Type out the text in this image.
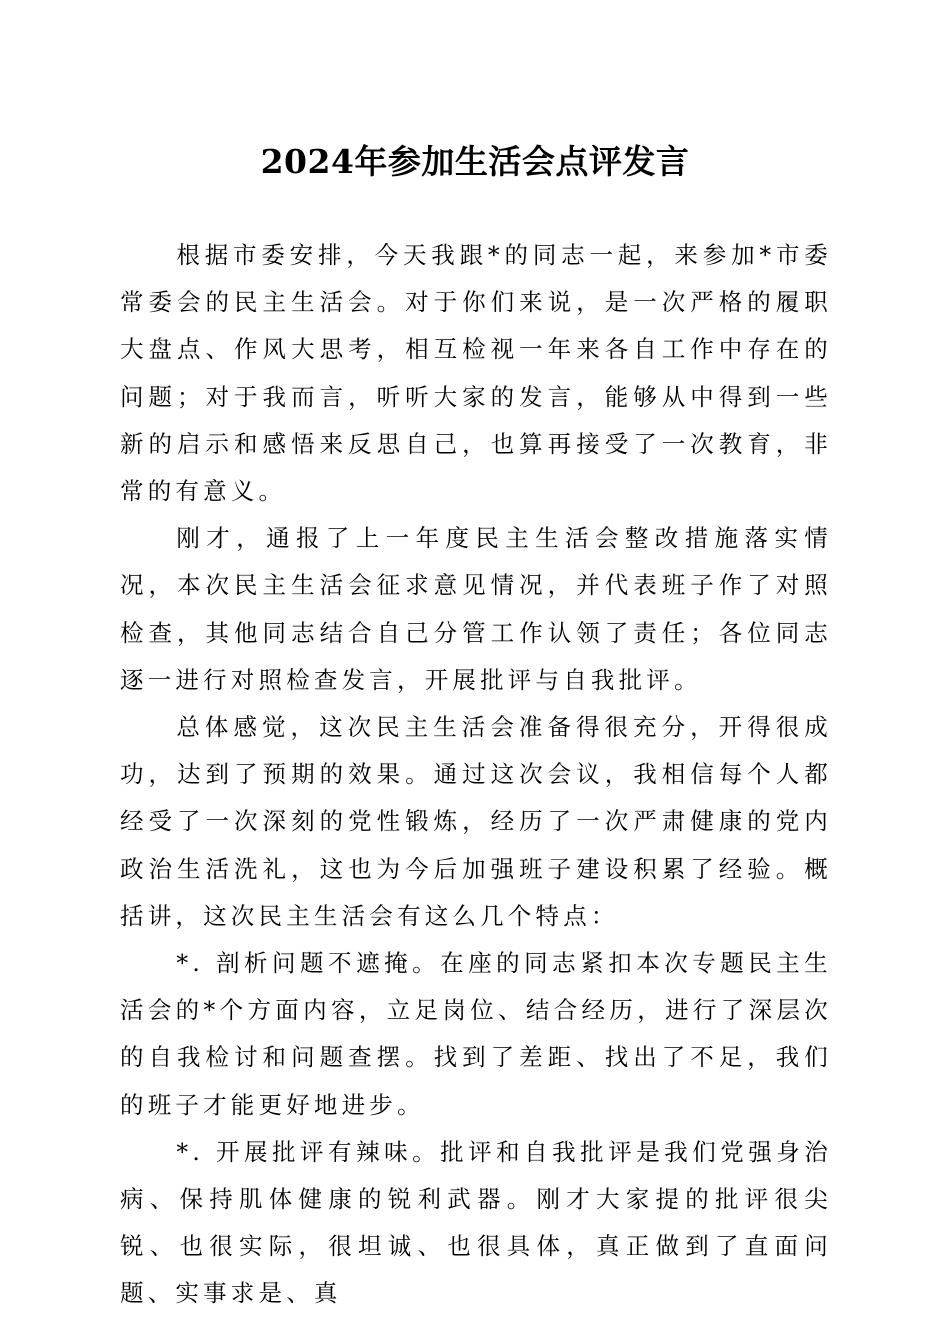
2024年参加生活会点评发言

根据市委安排，今天我跟*的同志一起，来参加*市委常委会的民主生活会。对于你们来说，是一次严格的履职大盘点、作风大思考，相互检视一年来各自工作中存在的问题；对于我而言，听听大家的发言，能够从中得到一些新的启示和感悟来反思自己，也算再接受了一次教育，非常的有意义。

刚才，通报了上一年度民主生活会整改措施落实情况，本次民主生活会征求意见情况，并代表班子作了对照检查，其他同志结合自己分管工作认领了责任；各位同志逐一进行对照检查发言，开展批评与自我批评。

总体感觉，这次民主生活会准备得很充分，开得很成功，达到了预期的效果。通过这次会议，我相信每个人都经受了一次深刻的党性锻炼，经历了一次严肃健康的党内政治生活洗礼，这也为今后加强班子建设积累了经验。概括讲，这次民主生活会有这么几个特点：

*. 剖析问题不遮掩。在座的同志紧扣本次专题民主生活会的*个方面内容，立足岗位、结合经历，进行了深层次的自我检讨和问题查摆。找到了差距、找出了不足，我们的班子才能更好地进步。

*. 开展批评有辣味。批评和自我批评是我们党强身治病、保持肌体健康的锐利武器。刚才大家提的批评很尖锐、也很实际，很坦诚、也很具体，真正做到了直面问题、实事求是、真
